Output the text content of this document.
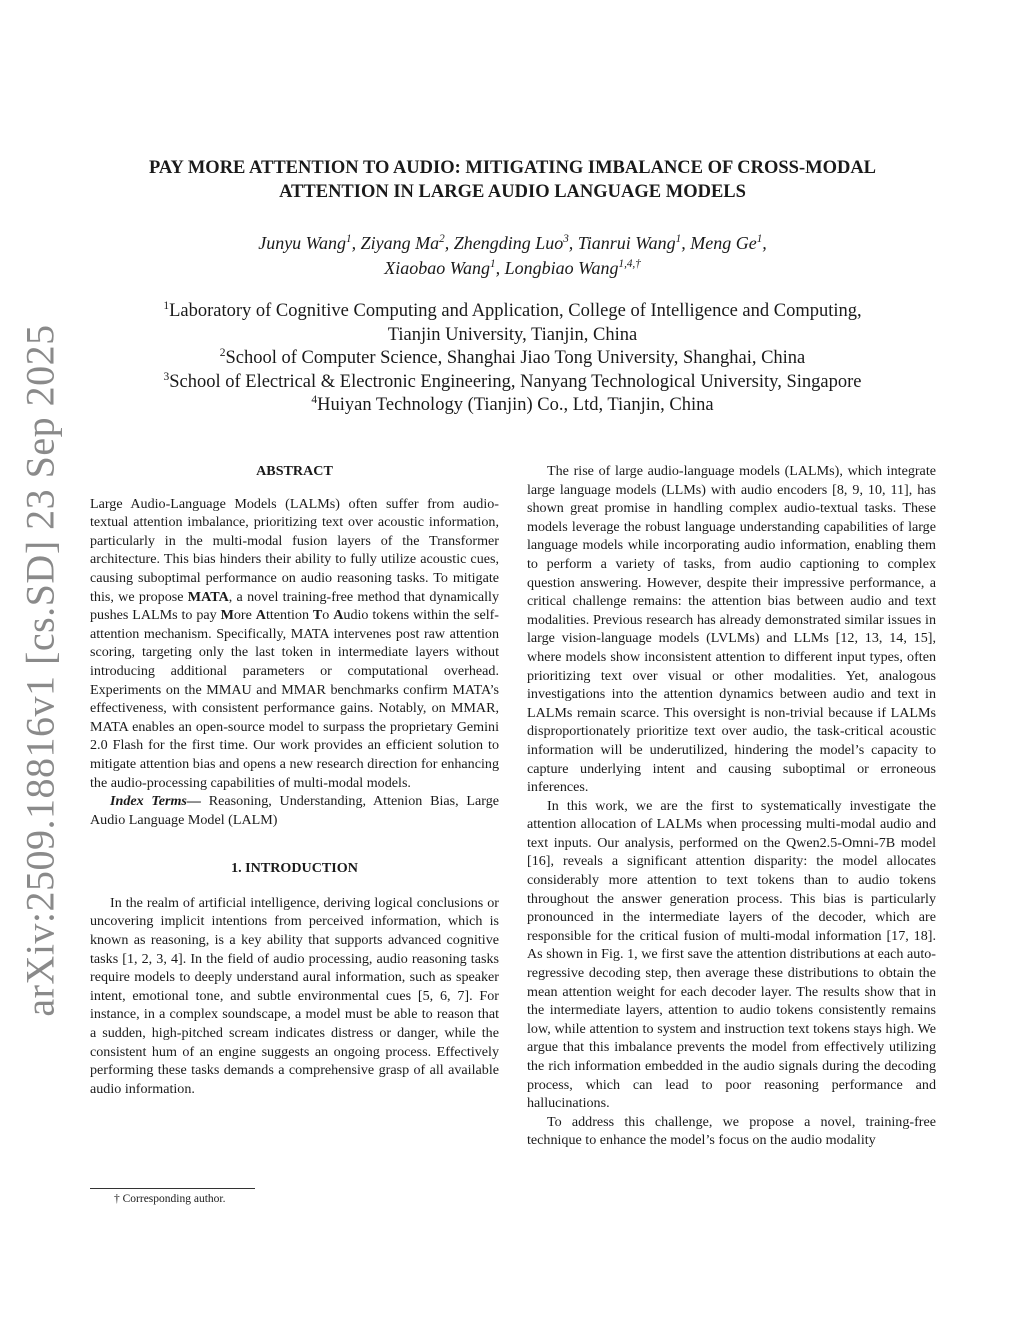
arXiv:2509.18816v1 [cs.SD] 23 Sep 2025
PAY MORE ATTENTION TO AUDIO: MITIGATING IMBALANCE OF CROSS-MODAL
ATTENTION IN LARGE AUDIO LANGUAGE MODELS
Junyu Wang$^1$, Ziyang Ma$^2$, Zhengding Luo$^3$, Tianrui Wang$^1$, Meng Ge$^1$,
Xiaobao Wang$^1$, Longbiao Wang$^{1,4,\dagger}$
$^1$Laboratory of Cognitive Computing and Application, College of Intelligence and Computing,
Tianjin University, Tianjin, China
$^2$School of Computer Science, Shanghai Jiao Tong University, Shanghai, China
$^3$School of Electrical & Electronic Engineering, Nanyang Technological University, Singapore
$^4$Huiyan Technology (Tianjin) Co., Ltd, Tianjin, China
ABSTRACT

Large Audio-Language Models (LALMs) often suffer from audio-textual attention imbalance, prioritizing text over acoustic information, particularly in the multi-modal fusion layers of the Transformer architecture. This bias hinders their ability to fully utilize acoustic cues, causing suboptimal performance on audio reasoning tasks. To mitigate this, we propose MATA, a novel training-free method that dynamically pushes LALMs to pay More Attention To Audio tokens within the self-attention mechanism. Specifically, MATA intervenes post raw attention scoring, targeting only the last token in intermediate layers without introducing additional parameters or computational overhead. Experiments on the MMAU and MMAR benchmarks confirm MATA’s effectiveness, with consistent performance gains. Notably, on MMAR, MATA enables an open-source model to surpass the proprietary Gemini 2.0 Flash for the first time. Our work provides an efficient solution to mitigate attention bias and opens a new research direction for enhancing the audio-processing capabilities of multi-modal models.

Index Terms— Reasoning, Understanding, Attenion Bias, Large Audio Language Model (LALM)

1. INTRODUCTION

In the realm of artificial intelligence, deriving logical conclusions or uncovering implicit intentions from perceived information, which is known as reasoning, is a key ability that supports advanced cognitive tasks [1, 2, 3, 4]. In the field of audio processing, audio reasoning tasks require models to deeply understand aural information, such as speaker intent, emotional tone, and subtle environmental cues [5, 6, 7]. For instance, in a complex soundscape, a model must be able to reason that a sudden, high-pitched scream indicates distress or danger, while the consistent hum of an engine suggests an ongoing process. Effectively performing these tasks demands a comprehensive grasp of all available audio information.

The rise of large audio-language models (LALMs), which integrate large language models (LLMs) with audio encoders [8, 9, 10, 11], has shown great promise in handling complex audio-textual tasks. These models leverage the robust language understanding capabilities of large language models while incorporating audio information, enabling them to perform a variety of tasks, from audio captioning to complex question answering. However, despite their impressive performance, a critical challenge remains: the attention bias between audio and text modalities. Previous research has already demonstrated similar issues in large vision-language models (LVLMs) and LLMs [12, 13, 14, 15], where models show inconsistent attention to different input types, often prioritizing text over visual or other modalities. Yet, analogous investigations into the attention dynamics between audio and text in LALMs remain scarce. This oversight is non-trivial because if LALMs disproportionately prioritize text over audio, the task-critical acoustic information will be underutilized, hindering the model’s capacity to capture underlying intent and causing suboptimal or erroneous inferences.

In this work, we are the first to systematically investigate the attention allocation of LALMs when processing multi-modal audio and text inputs. Our analysis, performed on the Qwen2.5-Omni-7B model [16], reveals a significant attention disparity: the model allocates considerably more attention to text tokens than to audio tokens throughout the answer generation process. This bias is particularly pronounced in the intermediate layers of the decoder, which are responsible for the critical fusion of multi-modal information [17, 18]. As shown in Fig. 1, we first save the attention distributions at each auto-regressive decoding step, then average these distributions to obtain the mean attention weight for each decoder layer. The results show that in the intermediate layers, attention to audio tokens consistently remains low, while attention to system and instruction text tokens stays high. We argue that this imbalance prevents the model from effectively utilizing the rich information embedded in the audio signals during the decoding process, which can lead to poor reasoning performance and hallucinations.

To address this challenge, we propose a novel, training-free technique to enhance the model’s focus on the audio modality

† Corresponding author.
